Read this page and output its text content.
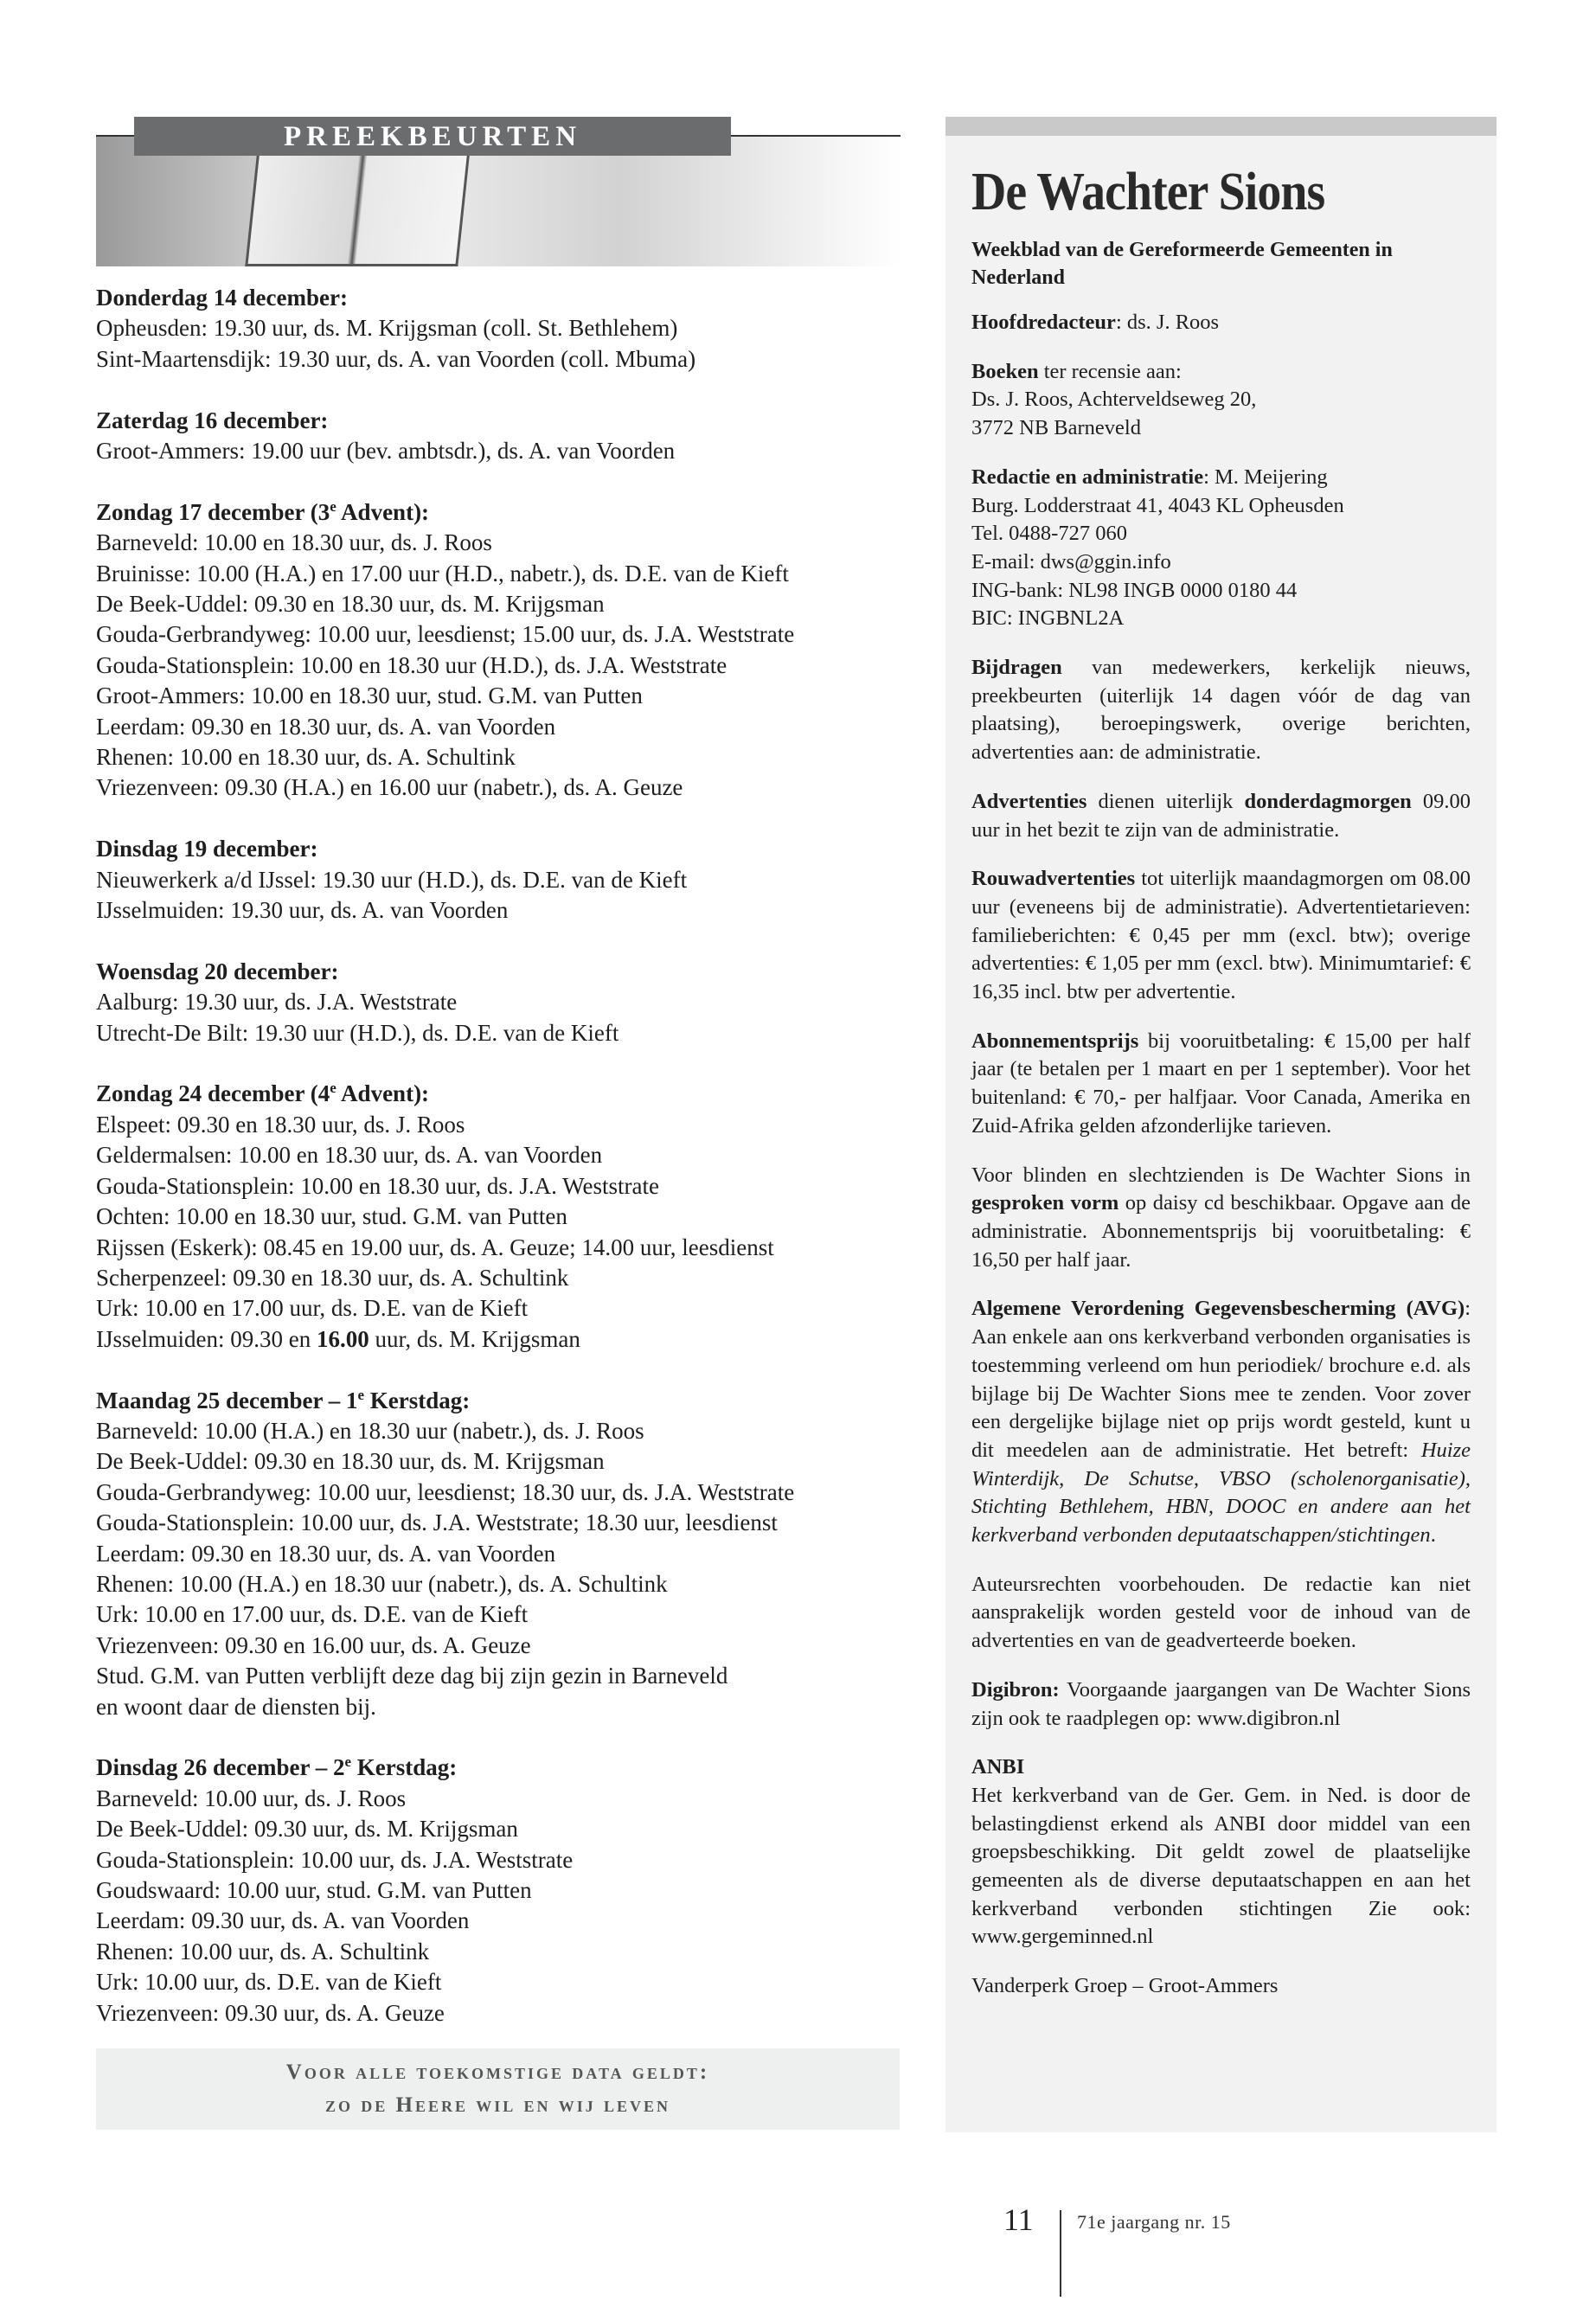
PREEKBEURTEN
Donderdag 14 december:
Opheusden: 19.30 uur, ds. M. Krijgsman (coll. St. Bethlehem)
Sint-Maartensdijk: 19.30 uur, ds. A. van Voorden (coll. Mbuma)
Zaterdag 16 december:
Groot-Ammers: 19.00 uur (bev. ambtsdr.), ds. A. van Voorden
Zondag 17 december (3e Advent):
Barneveld: 10.00 en 18.30 uur, ds. J. Roos
Bruinisse: 10.00 (H.A.) en 17.00 uur (H.D., nabetr.), ds. D.E. van de Kieft
De Beek-Uddel: 09.30 en 18.30 uur, ds. M. Krijgsman
Gouda-Gerbrandyweg: 10.00 uur, leesdienst; 15.00 uur, ds. J.A. Weststrate
Gouda-Stationsplein: 10.00 en 18.30 uur (H.D.), ds. J.A. Weststrate
Groot-Ammers: 10.00 en 18.30 uur, stud. G.M. van Putten
Leerdam: 09.30 en 18.30 uur, ds. A. van Voorden
Rhenen: 10.00 en 18.30 uur, ds. A. Schultink
Vriezenveen: 09.30 (H.A.) en 16.00 uur (nabetr.), ds. A. Geuze
Dinsdag 19 december:
Nieuwerkerk a/d IJssel: 19.30 uur (H.D.), ds. D.E. van de Kieft
IJsselmuiden: 19.30 uur, ds. A. van Voorden
Woensdag 20 december:
Aalburg: 19.30 uur, ds. J.A. Weststrate
Utrecht-De Bilt: 19.30 uur (H.D.), ds. D.E. van de Kieft
Zondag 24 december (4e Advent):
Elspeet: 09.30 en 18.30 uur, ds. J. Roos
Geldermalsen: 10.00 en 18.30 uur, ds. A. van Voorden
Gouda-Stationsplein: 10.00 en 18.30 uur, ds. J.A. Weststrate
Ochten: 10.00 en 18.30 uur, stud. G.M. van Putten
Rijssen (Eskerk): 08.45 en 19.00 uur, ds. A. Geuze; 14.00 uur, leesdienst
Scherpenzeel: 09.30 en 18.30 uur, ds. A. Schultink
Urk: 10.00 en 17.00 uur, ds. D.E. van de Kieft
IJsselmuiden: 09.30 en 16.00 uur, ds. M. Krijgsman
Maandag 25 december – 1e Kerstdag:
Barneveld: 10.00 (H.A.) en 18.30 uur (nabetr.), ds. J. Roos
De Beek-Uddel: 09.30 en 18.30 uur, ds. M. Krijgsman
Gouda-Gerbrandyweg: 10.00 uur, leesdienst; 18.30 uur, ds. J.A. Weststrate
Gouda-Stationsplein: 10.00 uur, ds. J.A. Weststrate; 18.30 uur, leesdienst
Leerdam: 09.30 en 18.30 uur, ds. A. van Voorden
Rhenen: 10.00 (H.A.) en 18.30 uur (nabetr.), ds. A. Schultink
Urk: 10.00 en 17.00 uur, ds. D.E. van de Kieft
Vriezenveen: 09.30 en 16.00 uur, ds. A. Geuze
Stud. G.M. van Putten verblijft deze dag bij zijn gezin in Barneveld
en woont daar de diensten bij.
Dinsdag 26 december – 2e Kerstdag:
Barneveld: 10.00 uur, ds. J. Roos
De Beek-Uddel: 09.30 uur, ds. M. Krijgsman
Gouda-Stationsplein: 10.00 uur, ds. J.A. Weststrate
Goudswaard: 10.00 uur, stud. G.M. van Putten
Leerdam: 09.30 uur, ds. A. van Voorden
Rhenen: 10.00 uur, ds. A. Schultink
Urk: 10.00 uur, ds. D.E. van de Kieft
Vriezenveen: 09.30 uur, ds. A. Geuze
Voor alle toekomstige data geldt:
zo de Heere wil en wij leven
De Wachter Sions
Weekblad van de Gereformeerde Gemeenten in Nederland

Hoofdredacteur: ds. J. Roos

Boeken ter recensie aan:
Ds. J. Roos, Achterveldseweg 20,
3772 NB Barneveld

Redactie en administratie: M. Meijering
Burg. Lodderstraat 41, 4043 KL Opheusden
Tel. 0488-727 060
E-mail: dws@ggin.info
ING-bank: NL98 INGB 0000 0180 44
BIC: INGBNL2A

Bijdragen van medewerkers, kerkelijk nieuws, preekbeurten (uiterlijk 14 dagen vóór de dag van plaatsing), beroepingswerk, overige berichten, advertenties aan: de administratie.

Advertenties dienen uiterlijk donderdagmorgen 09.00 uur in het bezit te zijn van de administratie.

Rouwadvertenties tot uiterlijk maandagmorgen om 08.00 uur (eveneens bij de administratie). Advertentietarieven: familieberichten: € 0,45 per mm (excl. btw); overige advertenties: € 1,05 per mm (excl. btw). Minimumtarief: € 16,35 incl. btw per advertentie.

Abonnementsprijs bij vooruitbetaling: € 15,00 per half jaar (te betalen per 1 maart en per 1 september). Voor het buitenland: € 70,- per halfjaar. Voor Canada, Amerika en Zuid-Afrika gelden afzonderlijke tarieven.

Voor blinden en slechtzienden is De Wachter Sions in gesproken vorm op daisy cd beschikbaar. Opgave aan de administratie. Abonnementsprijs bij vooruitbetaling: € 16,50 per half jaar.

Algemene Verordening Gegevensbescherming (AVG): Aan enkele aan ons kerkverband verbonden organisaties is toestemming verleend om hun periodiek/ brochure e.d. als bijlage bij De Wachter Sions mee te zenden. Voor zover een dergelijke bijlage niet op prijs wordt gesteld, kunt u dit meedelen aan de administratie. Het betreft: Huize Winterdijk, De Schutse, VBSO (scholenorganisatie), Stichting Bethlehem, HBN, DOOC en andere aan het kerkverband verbonden deputaatschappen/stichtingen.

Auteursrechten voorbehouden. De redactie kan niet aansprakelijk worden gesteld voor de inhoud van de advertenties en van de geadverteerde boeken.

Digibron: Voorgaande jaargangen van De Wachter Sions zijn ook te raadplegen op: www.digibron.nl

ANBI
Het kerkverband van de Ger. Gem. in Ned. is door de belastingdienst erkend als ANBI door middel van een groepsbeschikking. Dit geldt zowel de plaatselijke gemeenten als de diverse deputaatschappen en aan het kerkverband verbonden stichtingen Zie ook: www.gergeminned.nl

Vanderperk Groep – Groot-Ammers

11 71e jaargang nr. 15
